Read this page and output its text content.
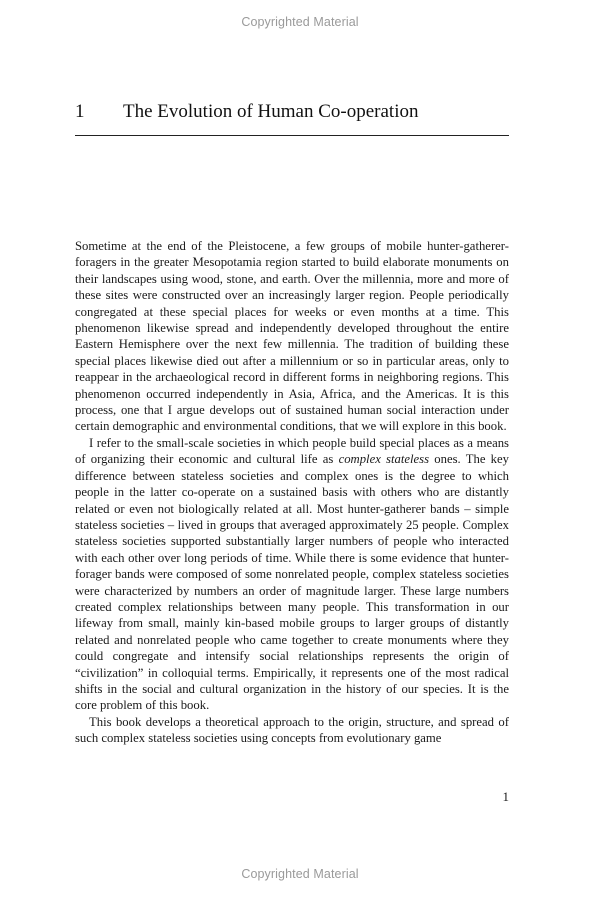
Copyrighted Material
1 The Evolution of Human Co-operation

Sometime at the end of the Pleistocene, a few groups of mobile hunter-gatherer-foragers in the greater Mesopotamia region started to build elaborate monuments on their landscapes using wood, stone, and earth. Over the millennia, more and more of these sites were constructed over an increasingly larger region. People periodically congregated at these special places for weeks or even months at a time. This phenomenon likewise spread and independently developed throughout the entire Eastern Hemisphere over the next few millennia. The tradition of building these special places likewise died out after a millennium or so in particular areas, only to reappear in the archaeological record in different forms in neighboring regions. This phenomenon occurred independently in Asia, Africa, and the Americas. It is this process, one that I argue develops out of sustained human social interaction under certain demographic and environmental conditions, that we will explore in this book.

I refer to the small-scale societies in which people build special places as a means of organizing their economic and cultural life as complex stateless ones. The key difference between stateless societies and complex ones is the degree to which people in the latter co-operate on a sustained basis with others who are distantly related or even not biologically related at all. Most hunter-gatherer bands – simple stateless societies – lived in groups that averaged approximately 25 people. Complex stateless societies supported substantially larger numbers of people who interacted with each other over long periods of time. While there is some evidence that hunter-forager bands were composed of some nonrelated people, complex stateless societies were characterized by numbers an order of magnitude larger. These large numbers created complex relationships between many people. This transformation in our lifeway from small, mainly kin-based mobile groups to larger groups of distantly related and nonrelated people who came together to create monuments where they could congregate and intensify social relationships represents the origin of “civilization” in colloquial terms. Empirically, it represents one of the most radical shifts in the social and cultural organization in the history of our species. It is the core problem of this book.

This book develops a theoretical approach to the origin, structure, and spread of such complex stateless societies using concepts from evolutionary game

1
Copyrighted Material
